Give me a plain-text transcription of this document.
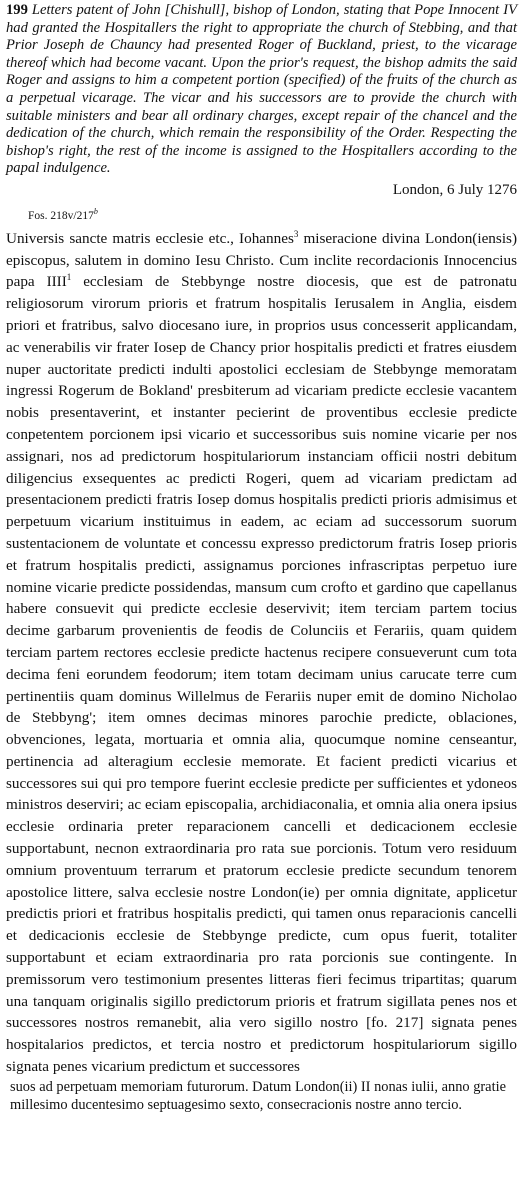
199 Letters patent of John [Chishull], bishop of London, stating that Pope Innocent IV had granted the Hospitallers the right to appropriate the church of Stebbing, and that Prior Joseph de Chauncy had presented Roger of Buckland, priest, to the vicarage thereof which had become vacant. Upon the prior's request, the bishop admits the said Roger and assigns to him a competent portion (specified) of the fruits of the church as a perpetual vicarage. The vicar and his successors are to provide the church with suitable ministers and bear all ordinary charges, except repair of the chancel and the dedication of the church, which remain the responsibility of the Order. Respecting the bishop's right, the rest of the income is assigned to the Hospitallers according to the papal indulgence.

London, 6 July 1276

Fos. 218v/217$^b$

Universis sancte matris ecclesie etc., Iohannes$^3$ miseracione divina London(iensis) episcopus, salutem in domino Iesu Christo. Cum inclite recordacionis Innocencius papa IIII$^1$ ecclesiam de Stebbynge nostre diocesis, que est de patronatu religiosorum virorum prioris et fratrum hospitalis Ierusalem in Anglia, eisdem priori et fratribus, salvo diocesano iure, in proprios usus concesserit applicandam, ac venerabilis vir frater Iosep de Chancy prior hospitalis predicti et fratres eiusdem nuper auctoritate predicti indulti apostolici ecclesiam de Stebbynge memoratam ingressi Rogerum de Bokland' presbiterum ad vicariam predicte ecclesie vacantem nobis presentaverint, et instanter pecierint de proventibus ecclesie predicte conpetentem porcionem ipsi vicario et successoribus suis nomine vicarie per nos assignari, nos ad predictorum hospitulariorum instanciam officii nostri debitum diligencius exsequentes ac predicti Rogeri, quem ad vicariam predictam ad presentacionem predicti fratris Iosep domus hospitalis predicti prioris admisimus et perpetuum vicarium instituimus in eadem, ac eciam ad successorum suorum sustentacionem de voluntate et concessu expresso predictorum fratris Iosep prioris et fratrum hospitalis predicti, assignamus porciones infrascriptas perpetuo iure nomine vicarie predicte possidendas, mansum cum crofto et gardino que capellanus habere consuevit qui predicte ecclesie deservivit; item terciam partem tocius decime garbarum provenientis de feodis de Colunciis et Ferariis, quam quidem terciam partem rectores ecclesie predicte hactenus recipere consueverunt cum tota decima feni eorundem feodorum; item totam decimam unius carucate terre cum pertinentiis quam dominus Willelmus de Ferariis nuper emit de domino Nicholao de Stebbyng'; item omnes decimas minores parochie predicte, oblaciones, obvenciones, legata, mortuaria et omnia alia, quocumque nomine censeantur, pertinencia ad alteragium ecclesie memorate. Et facient predicti vicarius et successores sui qui pro tempore fuerint ecclesie predicte per sufficientes et ydoneos ministros deserviri; ac eciam episcopalia, archidiaconalia, et omnia alia onera ipsius ecclesie ordinaria preter reparacionem cancelli et dedicacionem ecclesie supportabunt, necnon extraordinaria pro rata sue porcionis. Totum vero residuum omnium proventuum terrarum et pratorum ecclesie predicte secundum tenorem apostolice littere, salva ecclesie nostre London(ie) per omnia dignitate, applicetur predictis priori et fratribus hospitalis predicti, qui tamen onus reparacionis cancelli et dedicacionis ecclesie de Stebbynge predicte, cum opus fuerit, totaliter supportabunt et eciam extraordinaria pro rata porcionis sue contingente. In premissorum vero testimonium presentes litteras fieri fecimus tripartitas; quarum una tanquam originalis sigillo predictorum prioris et fratrum sigillata penes nos et successores nostros remanebit, alia vero sigillo nostro [fo. 217] signata penes hospitalarios predictos, et tercia nostro et predictorum hospitulariorum sigillo signata penes vicarium predictum et successores
suos ad perpetuam memoriam futurorum. Datum London(ii) II nonas iulii, anno gratie millesimo ducentesimo septuagesimo sexto, consecracionis nostre anno tercio.
